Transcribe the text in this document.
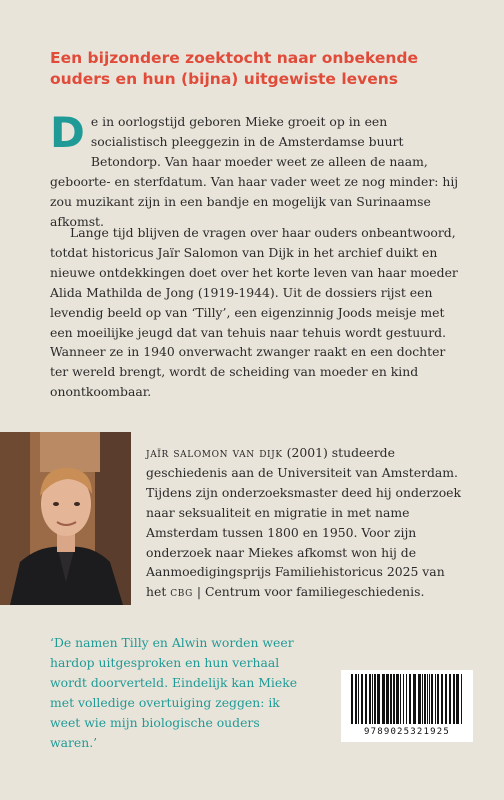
Een bijzondere zoektocht naar onbekende ouders en hun (bijna) uitgewiste levens

De in oorlogstijd geboren Mieke groeit op in een socialistisch pleeggezin in de Amsterdamse buurt Betondorp. Van haar moeder weet ze alleen de naam, geboorte- en sterfdatum. Van haar vader weet ze nog minder: hij zou muzikant zijn in een bandje en mogelijk van Surinaamse afkomst.

Lange tijd blijven de vragen over haar ouders onbeantwoord, totdat historicus Jaïr Salomon van Dijk in het archief duikt en nieuwe ontdekkingen doet over het korte leven van haar moeder Alida Mathilda de Jong (1919-1944). Uit de dossiers rijst een levendig beeld op van ‘Tilly’, een eigenzinnig Joods meisje met een moeilijke jeugd dat van tehuis naar tehuis wordt gestuurd. Wanneer ze in 1940 onverwacht zwanger raakt en een dochter ter wereld brengt, wordt de scheiding van moeder en kind onontkoombaar.

jaïr salomon van dijk (2001) studeerde geschiedenis aan de Universiteit van Amsterdam. Tijdens zijn onderzoeksmaster deed hij onderzoek naar seksualiteit en migratie in met name Amsterdam tussen 1800 en 1950. Voor zijn onderzoek naar Miekes afkomst won hij de Aanmoedigingsprijs Familiehistoricus 2025 van het cbg | Centrum voor familiegeschiedenis.

‘De namen Tilly en Alwin worden weer hardop uitgesproken en hun verhaal wordt doorverteld. Eindelijk kan Mieke met volledige overtuiging zeggen: ik weet wie mijn biologische ouders waren.’

9789025321925
